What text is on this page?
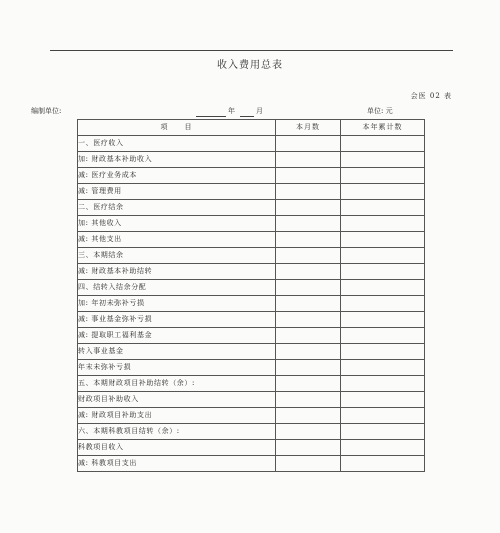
收入费用总表
会医 02 表
编制单位:	年	月	单位: 元
项　　目	本月数	本年累计数
一、医疗收入		
加: 财政基本补助收入		
减: 医疗业务成本		
减: 管理费用		
二、医疗结余		
加: 其他收入		
减: 其他支出		
三、本期结余		
减: 财政基本补助结转		
四、结转入结余分配		
加: 年初未弥补亏损		
减: 事业基金弥补亏损		
减: 提取职工福利基金		
转入事业基金		
年末未弥补亏损		
五、本期财政项目补助结转（余）:		
财政项目补助收入		
减: 财政项目补助支出		
六、本期科教项目结转（余）:		
科教项目收入		
减: 科教项目支出		
